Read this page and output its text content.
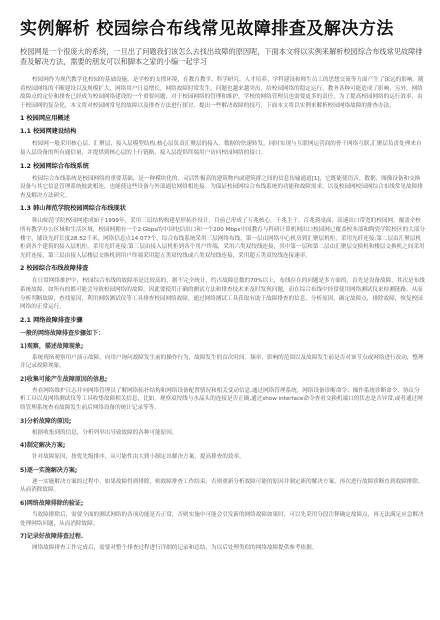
实例解析 校园综合布线常见故障排查及解决方法
校园网是一个很庞大的系统，一旦出了问题我们该怎么去找出故障的原因呢，下面本文将以实例来解析校园综合布线常见故障排查及解决方法，需要的朋友可以和脚本之家的小编一起学习
校园网作为现代教学化校园的基础设施，是学校的支撑环境，在教育教学、科学研究、人才培养、学科建设和师生员工的思想交流等方面产生了深远的影响。随着校园网络的不断建设以及规模扩大，网络用户日益增长，网络故障时常发生。问题也越来越突出，给校园网络的稳定运行、教务各种可能造成了影响，另外，网络故障点的定位和排查已经成为校园网络建设的一个重要问题，对于校园网络的管理和维护，学校的网络管理员也需要更多的责任，为了提高校园网络的运行效率，由于校园网的复杂化，本文将对校园网常见的故障以及排查方法进行探讨，提出一些解决故障的技巧，下面本文将以实例来解析校园网络故障的排查办法。
1 校园网应用概述
1.1 校园网建设结构
校园网一般采用核心层、汇聚层、接入层模型结构,核心层负责汇聚层的接入，数据的快速转发，同时实现与互联网运营商的骨干网络互联,汇聚层负责处理来自接入层设备的所有通信量，并提供到核心层的上行链路，接入层提供终端用户访问校园网络的接口。
1.2 校园网综合布线系统
校园综合布线系统是校园网络的重要基础，是一种模块化的、灵活性极高的建筑物内或建筑群之间的信息传输通道[1]，它既能使语音、数据、图像设备和交换设备与其它信息管理系统彼此相连，也能使这些设备与外部通信网络相连接。为保证校园网综合布线系统的功能和故障需求，以及校园网校园网综合布线常见故障排查及解决方法研究。
1.3 韩山师范学院校园网综合布线现状
韩山师范学院校园网建成始于1999年，采用三层结构构建星形拓扑设计，目前已形成了万兆核心，千兆主干，百兆到桌面，高速出口带宽的校园网，覆盖全校所有教学办公区域和生活区域，校园网拥有一个2 Gbps的中国电信出口和一个200 Mbps中国教育与科研计算机网出口校园网已覆盖校本部和陶瓷学院校区的大部分楼宇，铺设光纤长度28.52千米，网络信息点14 077个。综合布线系统采用三层网络布线，第一层由网络中心机房到汇聚层机柜，采用光纤连接;第二层由汇聚层机柜到各个建筑的接入层机柜，采用光纤连接;第三层由接入层机柜到各个用户终端，采用六类双绞线连接，其中第一层和第二层由汇聚层交换机和楼层交换机之间采用光纤连接，第三层由接入层楼层交换机到用户终端采用超五类双绞线或六类双绞线连接，采用超五类双绞线连接速率。
2 校园综合布线故障排查
在日常网络维护中，校园综合布线的故障率是比较高的，据不完全统计，约占故障总数的70%以上，布线存在的问题是多方面的，首先是设备故障，其次是布线系统故障，如所有的都可能会导致校园网络的故障，因此要使用正确的测试方法和排查技术来及时发现问题，而在综合布线中经常使用网络测试仪来检测链路。从而分析判断故障，查找原因，利用网络测试仪等工具排查校园网络故障，通过网络测试工具获取有助于故障排查的信息，分析原因，确定故障点，排除故障，恢复校园网络的正常运行。
2.1 网络故障排查步骤
一般的网络故障排查步骤如下：
1)观察，描述故障现象;
系统现场观察用户演示故障，向用户询问故障发生前的操作行为，故障发生的首次时间、频率、影响的范围以及故障发生前是否对该节点或网络进行改动，整理并记录故障现象。
2)收集可能产生故障原因的信息;
查看网络维护日志并向网络管理员了解网络拓扑结构和网络设备配置情况和相关变动信息,通过网络管理系统，网络设备诊断命令、操作系统诊断命令、协议分析工具以及网络测试仪等工具收集故障相关信息，比如，观察双绞线与水晶头的连接是否正确,通过show interface命令查看交换机端口的状态是否异常,或者通过网络管理系统查看故障发生前后网络设备的统计记录等等。
3)分析故障的原因;
根据收集到的信息，分析列举出导致故障的各种可能原因。
4)制定解决方案;
针对故障原因，按优先级排序，从可能性由大到小制定出解决方案，提高排查的效率。
5)逐一实施解决方案;
逐一实施解决方案的过程中，如果故障得到排除，则故障排查工作结束，否则重新分析故障可能的原因并制定新的解决方案，再次进行故障诊断直到故障排除，从而消除故障。
6)网络故障排除的验证;
当故障排除后，需要全面的测试网络的各项功能是否正常，否则实施中可能会引发新的网络故障如果时，可以先采用分段注释确定故障点，再无法满足应急解决处理网络问题，从而消除故障。
7)记录好故障排查过程.
网络故障排查工作完成后，需要对整个排查过程进行详细的记录和总结，为以后处理类似的网络故障提供参考依据。
